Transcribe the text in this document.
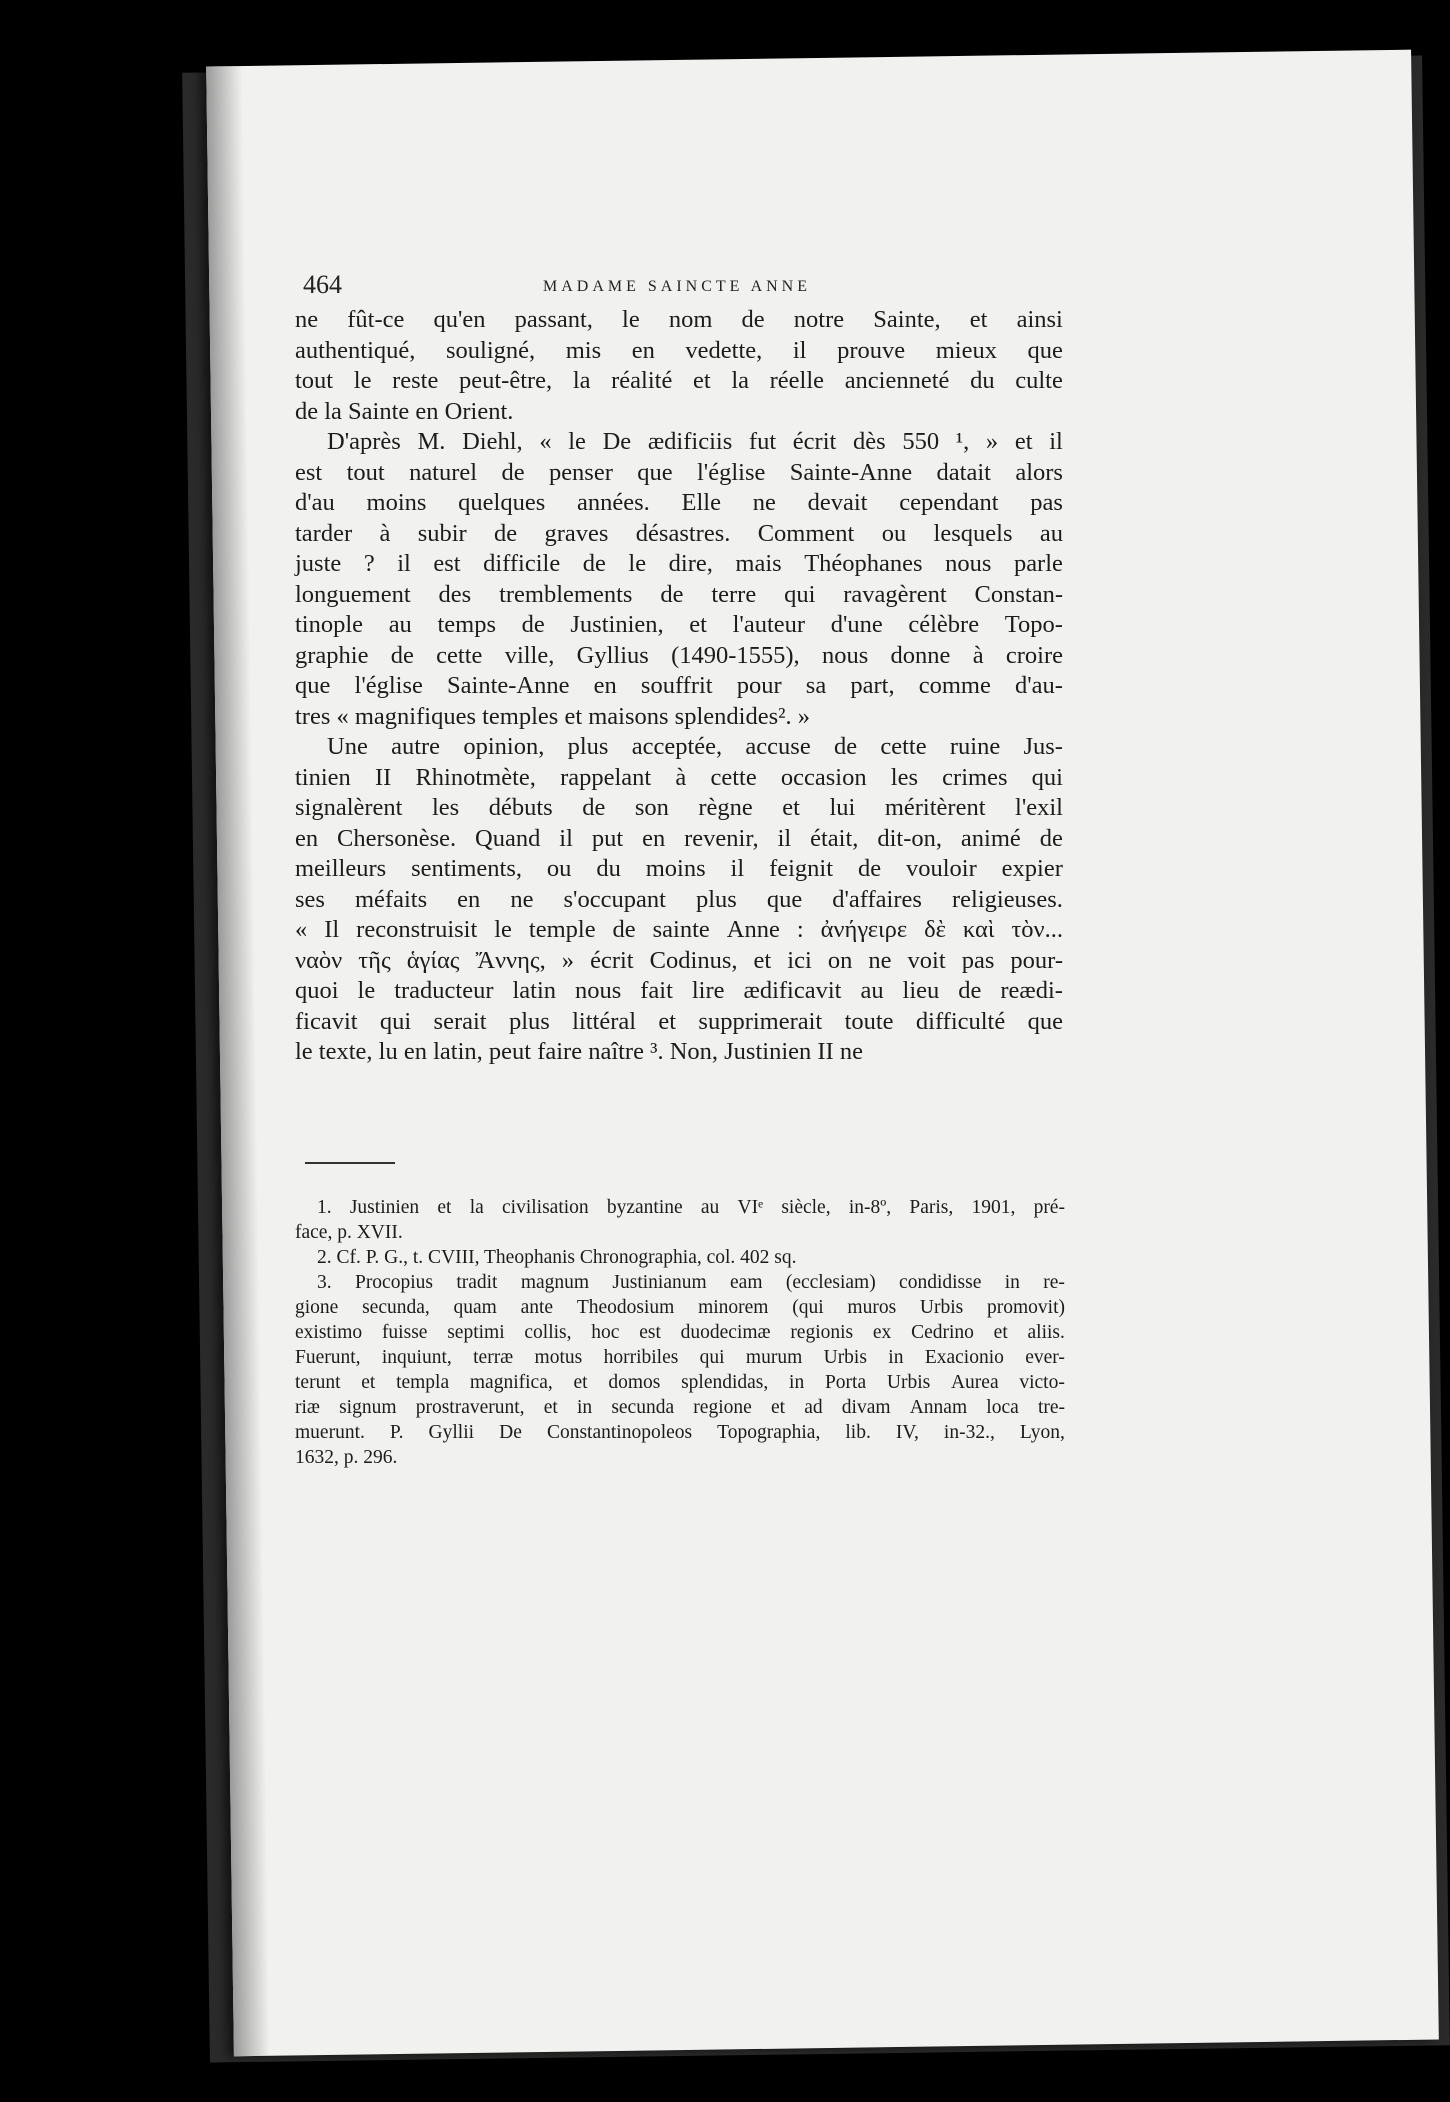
464	MADAME SAINCTE ANNE
ne fût-ce qu'en passant, le nom de notre Sainte, et ainsi
authentiqué, souligné, mis en vedette, il prouve mieux que
tout le reste peut-être, la réalité et la réelle ancienneté du culte
de la Sainte en Orient.
D'après M. Diehl, « le De ædificiis fut écrit dès 550 ¹, » et il
est tout naturel de penser que l'église Sainte-Anne datait alors
d'au moins quelques années. Elle ne devait cependant pas
tarder à subir de graves désastres. Comment ou lesquels au
juste ? il est difficile de le dire, mais Théophanes nous parle
longuement des tremblements de terre qui ravagèrent Constan-
tinople au temps de Justinien, et l'auteur d'une célèbre Topo-
graphie de cette ville, Gyllius (1490-1555), nous donne à croire
que l'église Sainte-Anne en souffrit pour sa part, comme d'au-
tres « magnifiques temples et maisons splendides². »
Une autre opinion, plus acceptée, accuse de cette ruine Jus-
tinien II Rhinotmète, rappelant à cette occasion les crimes qui
signalèrent les débuts de son règne et lui méritèrent l'exil
en Chersonèse. Quand il put en revenir, il était, dit-on, animé de
meilleurs sentiments, ou du moins il feignit de vouloir expier
ses méfaits en ne s'occupant plus que d'affaires religieuses.
« Il reconstruisit le temple de sainte Anne : ἀνήγειρε δὲ καὶ τὸν...
ναὸν τῆς ἁγίας Ἄννης, » écrit Codinus, et ici on ne voit pas pour-
quoi le traducteur latin nous fait lire ædificavit au lieu de reædi-
ficavit qui serait plus littéral et supprimerait toute difficulté que
le texte, lu en latin, peut faire naître ³. Non, Justinien II ne
1. Justinien et la civilisation byzantine au VIᵉ siècle, in-8º, Paris, 1901, pré-
face, p. XVII.
2. Cf. P. G., t. CVIII, Theophanis Chronographia, col. 402 sq.
3. Procopius tradit magnum Justinianum eam (ecclesiam) condidisse in re-
gione secunda, quam ante Theodosium minorem (qui muros Urbis promovit)
existimo fuisse septimi collis, hoc est duodecimæ regionis ex Cedrino et aliis.
Fuerunt, inquiunt, terræ motus horribiles qui murum Urbis in Exacionio ever-
terunt et templa magnifica, et domos splendidas, in Porta Urbis Aurea victo-
riæ signum prostraverunt, et in secunda regione et ad divam Annam loca tre-
muerunt. P. Gyllii De Constantinopoleos Topographia, lib. IV, in-32., Lyon,
1632, p. 296.
